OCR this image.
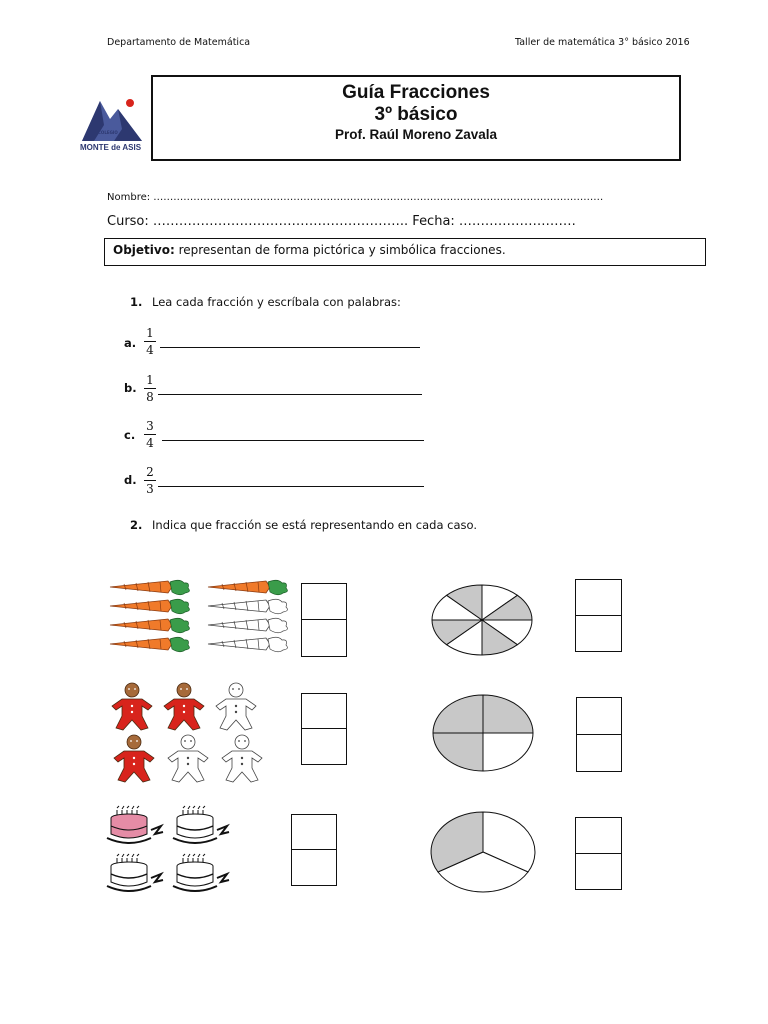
Departamento de Matemática	Taller de matemática 3° básico 2016
COLEGIO
MONTE de ASIS
Guía Fracciones
3º básico
Prof. Raúl Moreno Zavala
Nombre: ………………………………………………………………………………………………………………………
Curso: ………………………………………………….. Fecha: ………………………
Objetivo: representan de forma pictórica y simbólica fracciones.
1. Lea cada fracción y escríbala con palabras:
a.
1
4
b.
1
8
c.
3
4
d.
2
3
2. Indica que fracción se está representando en cada caso.
